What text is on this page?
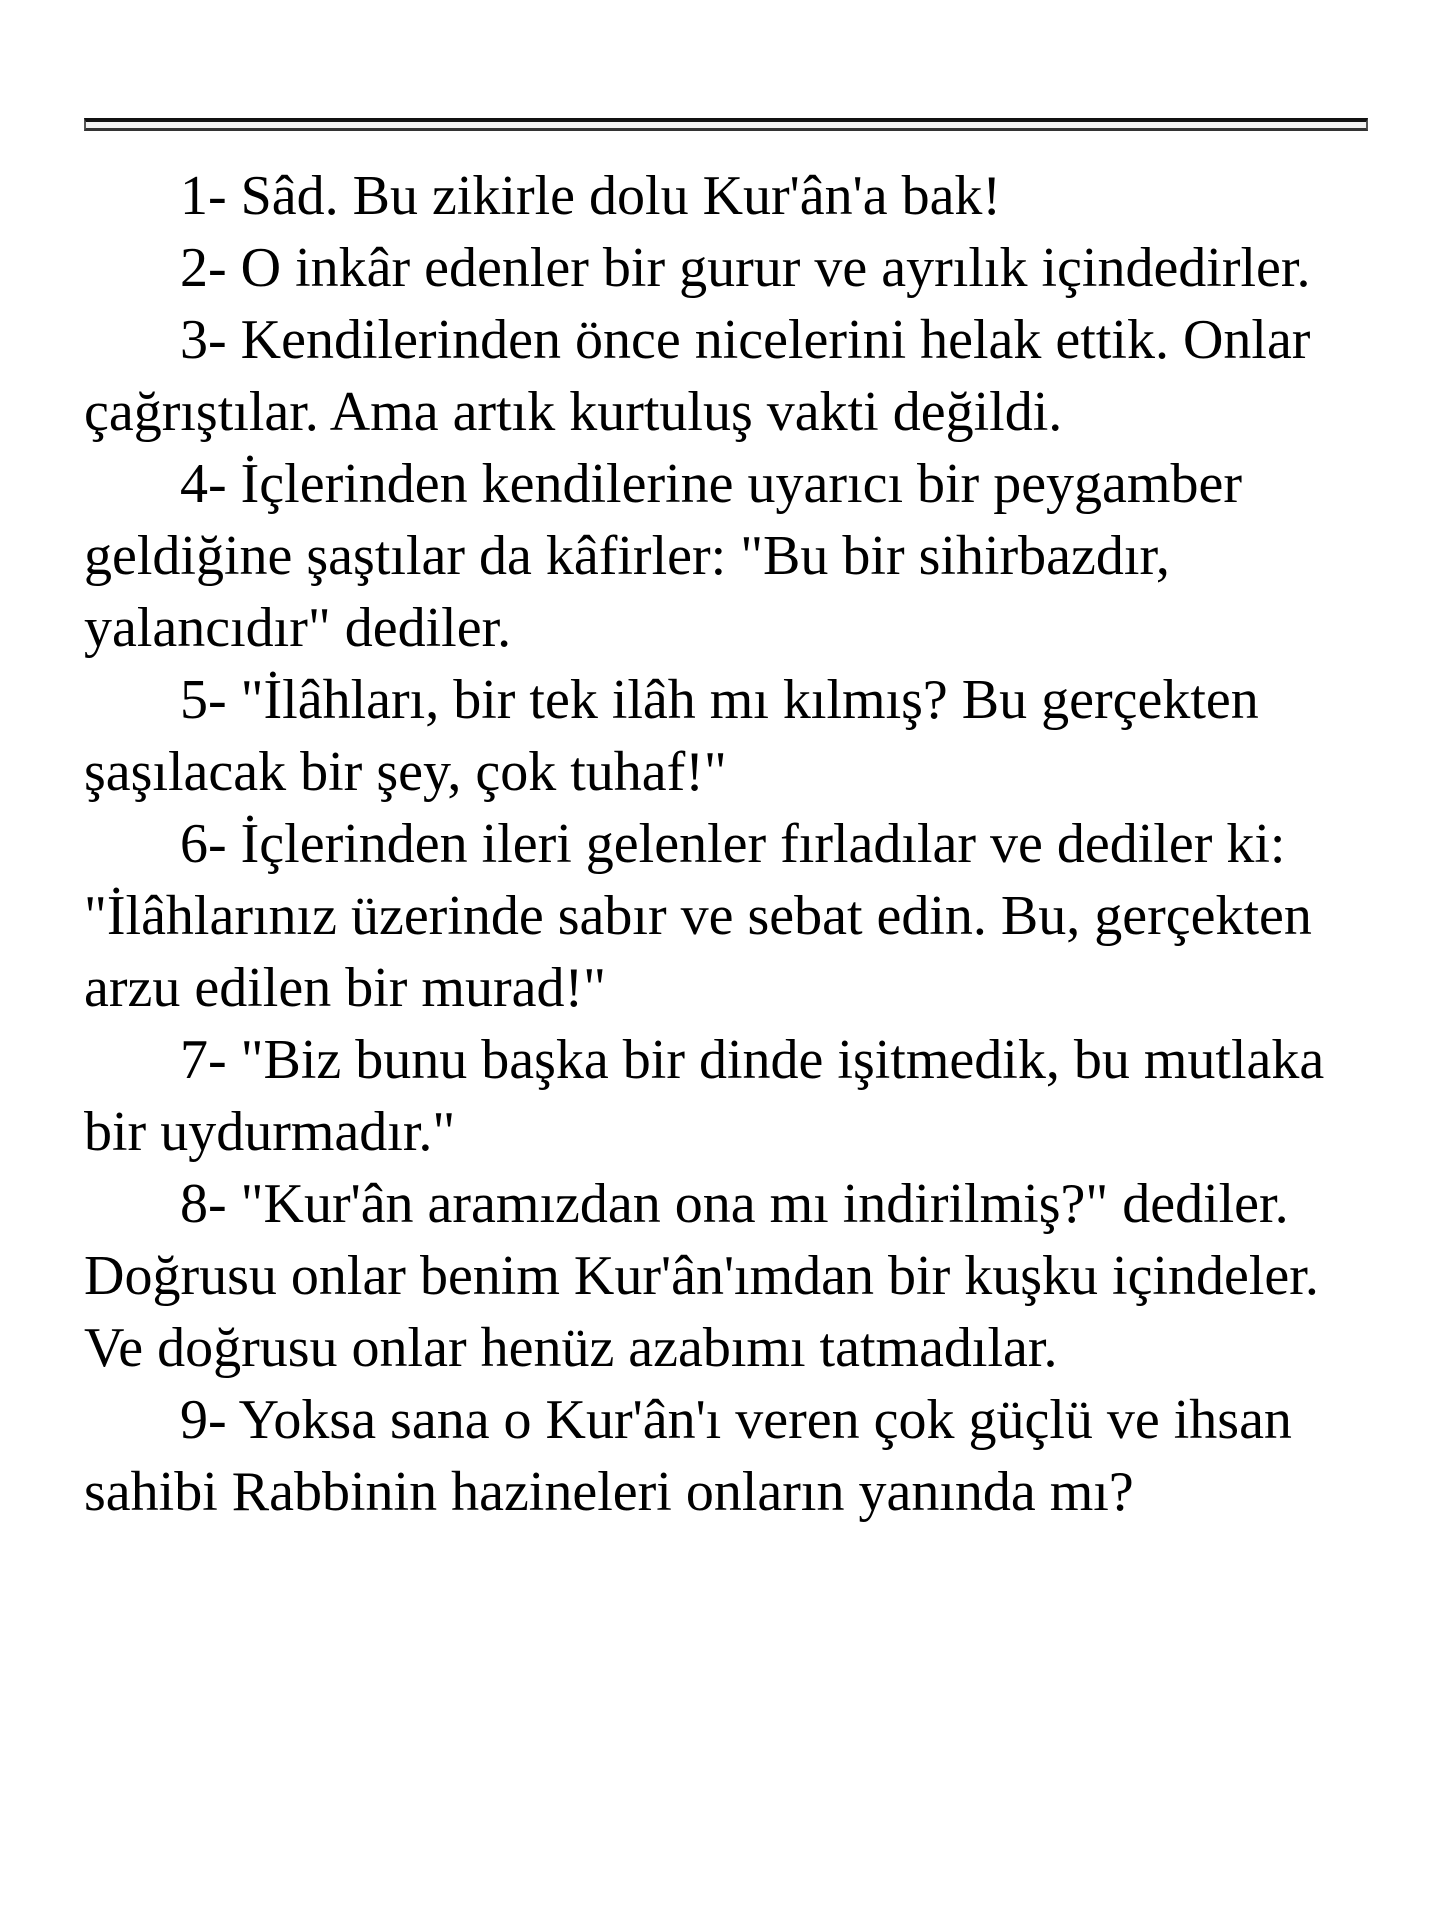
1- Sâd. Bu zikirle dolu Kur'ân'a bak!

2- O inkâr edenler bir gurur ve ayrılık içindedirler.

3- Kendilerinden önce nicelerini helak ettik. Onlar çağrıştılar. Ama artık kurtuluş vakti değildi.

4- İçlerinden kendilerine uyarıcı bir peygamber geldiğine şaştılar da kâfirler: "Bu bir sihirbazdır, yalancıdır" dediler.

5- "İlâhları, bir tek ilâh mı kılmış? Bu gerçekten şaşılacak bir şey, çok tuhaf!"

6- İçlerinden ileri gelenler fırladılar ve dediler ki: "İlâhlarınız üzerinde sabır ve sebat edin. Bu, gerçekten arzu edilen bir murad!"

7- "Biz bunu başka bir dinde işitmedik, bu mutlaka bir uydurmadır."

8- "Kur'ân aramızdan ona mı indirilmiş?" dediler. Doğrusu onlar benim Kur'ân'ımdan bir kuşku içindeler. Ve doğrusu onlar henüz azabımı tatmadılar.

9- Yoksa sana o Kur'ân'ı veren çok güçlü ve ihsan sahibi Rabbinin hazineleri onların yanında mı?
